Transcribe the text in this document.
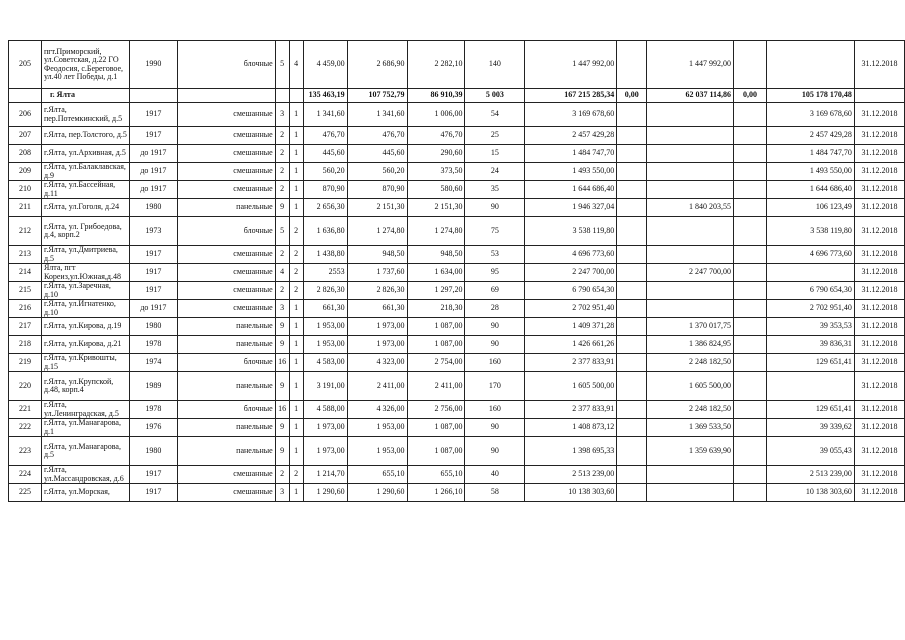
205	пгт.Приморский, ул.Советская, д.22 ГО Феодосия, с.Береговое, ул.40 лет Победы, д.1	1990	блочные	5	4	4 459,00	2 686,90	2 282,10	140	1 447 992,00		1 447 992,00			31.12.2018
	г. Ялта					135 463,19	107 752,79	86 910,39	5 003	167 215 285,34	0,00	62 037 114,86	0,00	105 178 170,48	
206	г.Ялта, пер.Потемкинский, д.5	1917	смешанные	3	1	1 341,60	1 341,60	1 006,00	54	3 169 678,60				3 169 678,60	31.12.2018
207	г.Ялта, пер.Толстого, д.5	1917	смешанные	2	1	476,70	476,70	476,70	25	2 457 429,28				2 457 429,28	31.12.2018
208	г.Ялта, ул.Архивная, д.5	до 1917	смешанные	2	1	445,60	445,60	290,60	15	1 484 747,70				1 484 747,70	31.12.2018
209	г.Ялта, ул.Балаклавская, д.9	до 1917	смешанные	2	1	560,20	560,20	373,50	24	1 493 550,00				1 493 550,00	31.12.2018
210	г.Ялта, ул.Бассейная, д.11	до 1917	смешанные	2	1	870,90	870,90	580,60	35	1 644 686,40				1 644 686,40	31.12.2018
211	г.Ялта, ул.Гоголя, д.24	1980	панельные	9	1	2 656,30	2 151,30	2 151,30	90	1 946 327,04		1 840 203,55		106 123,49	31.12.2018
212	г.Ялта, ул. Грибоедова, д.4, корп.2	1973	блочные	5	2	1 636,80	1 274,80	1 274,80	75	3 538 119,80				3 538 119,80	31.12.2018
213	г.Ялта, ул.Дмитриева, д.5	1917	смешанные	2	2	1 438,80	948,50	948,50	53	4 696 773,60				4 696 773,60	31.12.2018
214	Ялта, пгт Кореиз,ул.Южная,д.48	1917	смешанные	4	2	2553	1 737,60	1 634,00	95	2 247 700,00		2 247 700,00			31.12.2018
215	г.Ялта, ул.Заречная, д.10	1917	смешанные	2	2	2 826,30	2 826,30	1 297,20	69	6 790 654,30				6 790 654,30	31.12.2018
216	г.Ялта, ул.Игнатенко, д.10	до 1917	смешанные	3	1	661,30	661,30	218,30	28	2 702 951,40				2 702 951,40	31.12.2018
217	г.Ялта, ул.Кирова, д.19	1980	панельные	9	1	1 953,00	1 973,00	1 087,00	90	1 409 371,28		1 370 017,75		39 353,53	31.12.2018
218	г.Ялта, ул.Кирова, д.21	1978	панельные	9	1	1 953,00	1 973,00	1 087,00	90	1 426 661,26		1 386 824,95		39 836,31	31.12.2018
219	г.Ялта, ул.Кривошты, д.15	1974	блочные	16	1	4 583,00	4 323,00	2 754,00	160	2 377 833,91		2 248 182,50		129 651,41	31.12.2018
220	г.Ялта, ул.Крупской, д.48, корп.4	1989	панельные	9	1	3 191,00	2 411,00	2 411,00	170	1 605 500,00		1 605 500,00			31.12.2018
221	г.Ялта, ул.Ленинградская, д.5	1978	блочные	16	1	4 588,00	4 326,00	2 756,00	160	2 377 833,91		2 248 182,50		129 651,41	31.12.2018
222	г.Ялта, ул.Манагарова, д.1	1976	панельные	9	1	1 973,00	1 953,00	1 087,00	90	1 408 873,12		1 369 533,50		39 339,62	31.12.2018
223	г.Ялта, ул.Манагарова, д.5	1980	панельные	9	1	1 973,00	1 953,00	1 087,00	90	1 398 695,33		1 359 639,90		39 055,43	31.12.2018
224	г.Ялта, ул.Массандровская, д.6	1917	смешанные	2	2	1 214,70	655,10	655,10	40	2 513 239,00				2 513 239,00	31.12.2018
225	г.Ялта, ул.Морская,	1917	смешанные	3	1	1 290,60	1 290,60	1 266,10	58	10 138 303,60				10 138 303,60	31.12.2018
